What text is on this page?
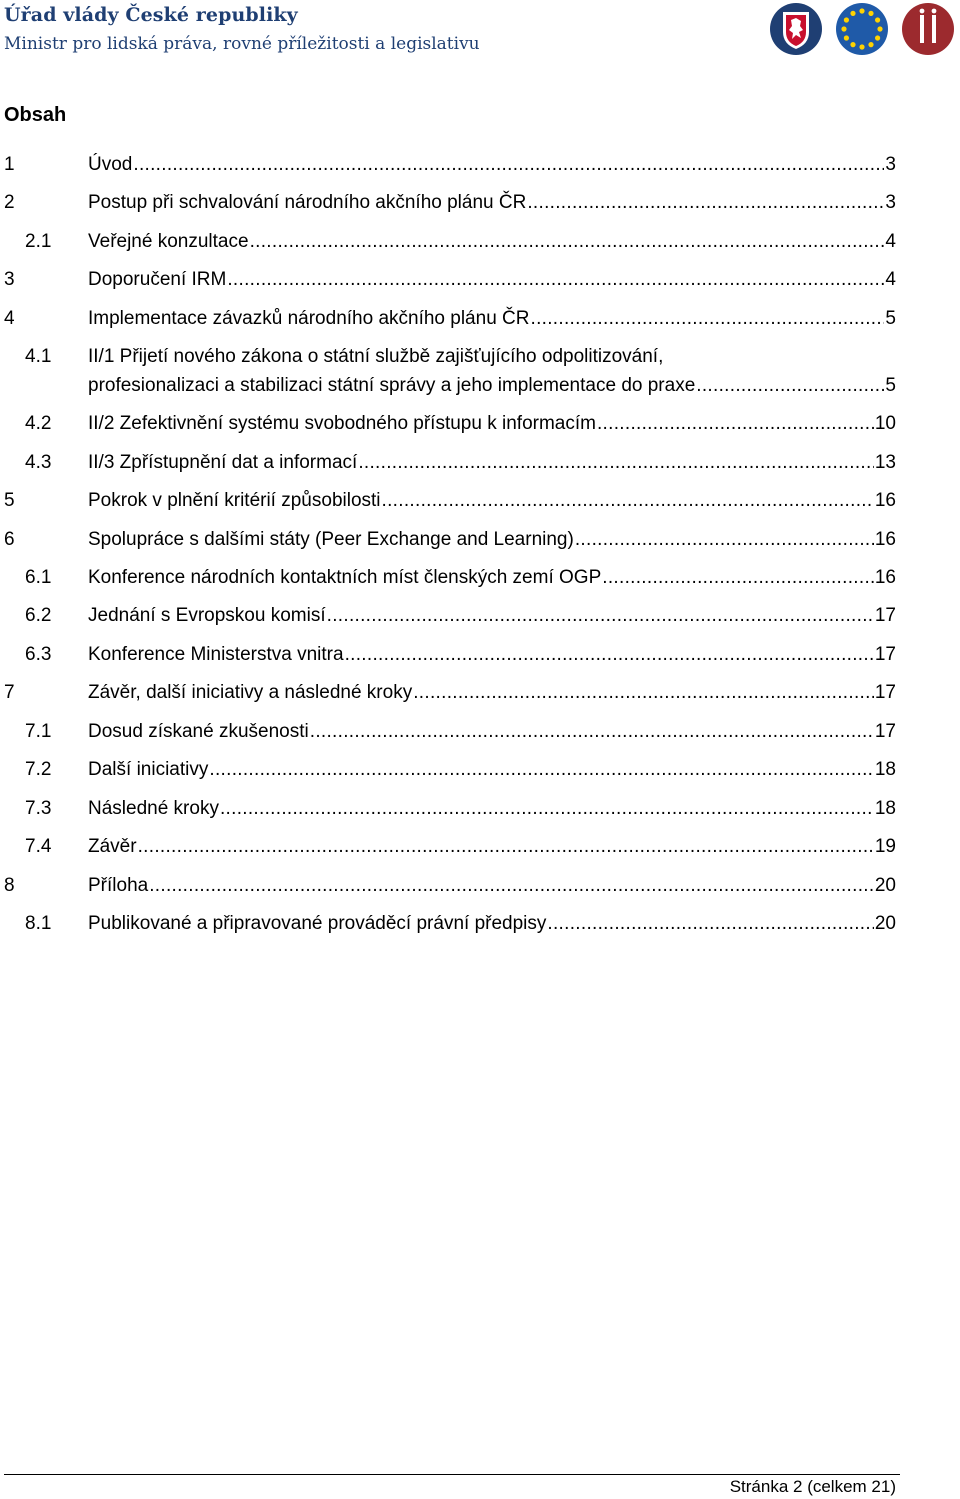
Úřad vlády České republiky
Ministr pro lidská práva, rovné příležitosti a legislativu
Obsah
1	Úvod .....	3
2	Postup při schvalování národního akčního plánu ČR .....	3
2.1 Veřejné konzultace .....	4
3	Doporučení IRM .....	4
4	Implementace závazků národního akčního plánu ČR .....	5
4.1 II/1 Přijetí nového zákona o státní službě zajišťujícího odpolitizování,
profesionalizaci a stabilizaci státní správy a jeho implementace do praxe .....	5
4.2 II/2 Zefektivnění systému svobodného přístupu k informacím .....	10
4.3 II/3 Zpřístupnění dat a informací .....	13
5	Pokrok v plnění kritérií způsobilosti .....	16
6	Spolupráce s dalšími státy (Peer Exchange and Learning) .....	16
6.1 Konference národních kontaktních míst členských zemí OGP .....	16
6.2 Jednání s Evropskou komisí .....	17
6.3 Konference Ministerstva vnitra .....	17
7	Závěr, další iniciativy a následné kroky .....	17
7.1 Dosud získané zkušenosti .....	17
7.2 Další iniciativy .....	18
7.3 Následné kroky .....	18
7.4 Závěr .....	19
8	Příloha .....	20
8.1 Publikované a připravované prováděcí právní předpisy .....	20
Stránka 2 (celkem 21)
